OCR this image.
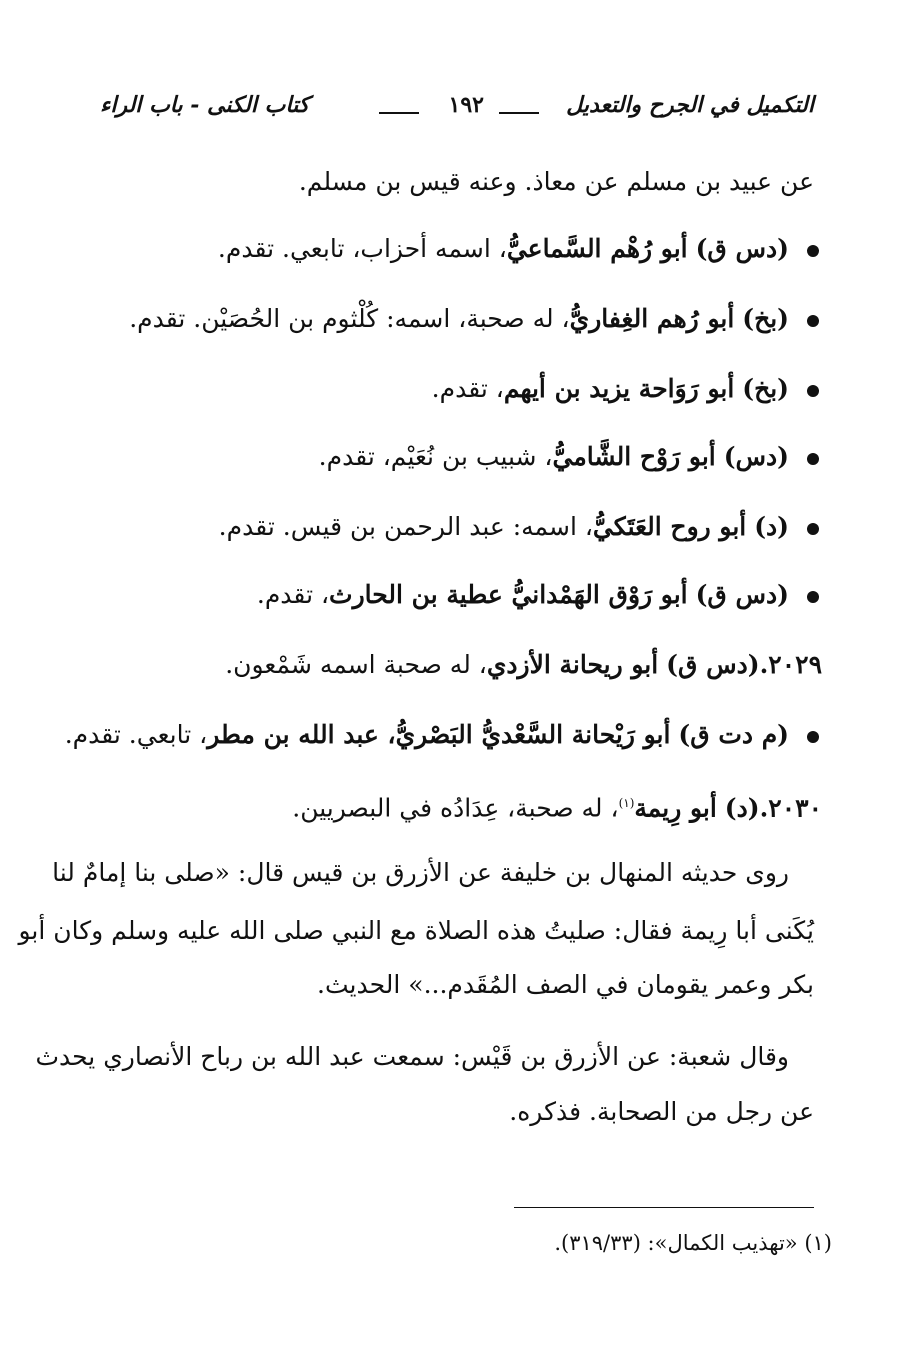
التكميل في الجرح والتعديل
١٩٢
كتاب الكنى - باب الراء
عن عبيد بن مسلم عن معاذ. وعنه قيس بن مسلم.
(دس ق) أبو رُهْم السَّماعيُّ، اسمه أحزاب، تابعي. تقدم.
(بخ) أبو رُهم الغِفاريُّ، له صحبة، اسمه: كُلْثوم بن الحُصَيْن. تقدم.
(بخ) أبو رَوَاحة يزيد بن أيهم، تقدم.
(دس) أبو رَوْح الشَّاميُّ، شبيب بن نُعَيْم، تقدم.
(د) أبو روح العَتَكيُّ، اسمه: عبد الرحمن بن قيس. تقدم.
(دس ق) أبو رَوْق الهَمْدانيُّ عطية بن الحارث، تقدم.
٢٠٢٩.(دس ق) أبو ريحانة الأزدي، له صحبة اسمه شَمْعون.
(م دت ق) أبو رَيْحانة السَّعْديُّ البَصْريُّ، عبد الله بن مطر، تابعي. تقدم.
٢٠٣٠.(د) أبو رِيمة$^{(١)}$، له صحبة، عِدَادُه في البصريين.
روى حديثه المنهال بن خليفة عن الأزرق بن قيس قال: «صلى بنا إمامٌ لنا
يُكَنى أبا رِيمة فقال: صليتُ هذه الصلاة مع النبي صلى الله عليه وسلم وكان أبو
بكر وعمر يقومان في الصف المُقَدم...» الحديث.
وقال شعبة: عن الأزرق بن قَيْس: سمعت عبد الله بن رباح الأنصاري يحدث
عن رجل من الصحابة. فذكره.
(١) «تهذيب الكمال»: (٣١٩/٣٣).
